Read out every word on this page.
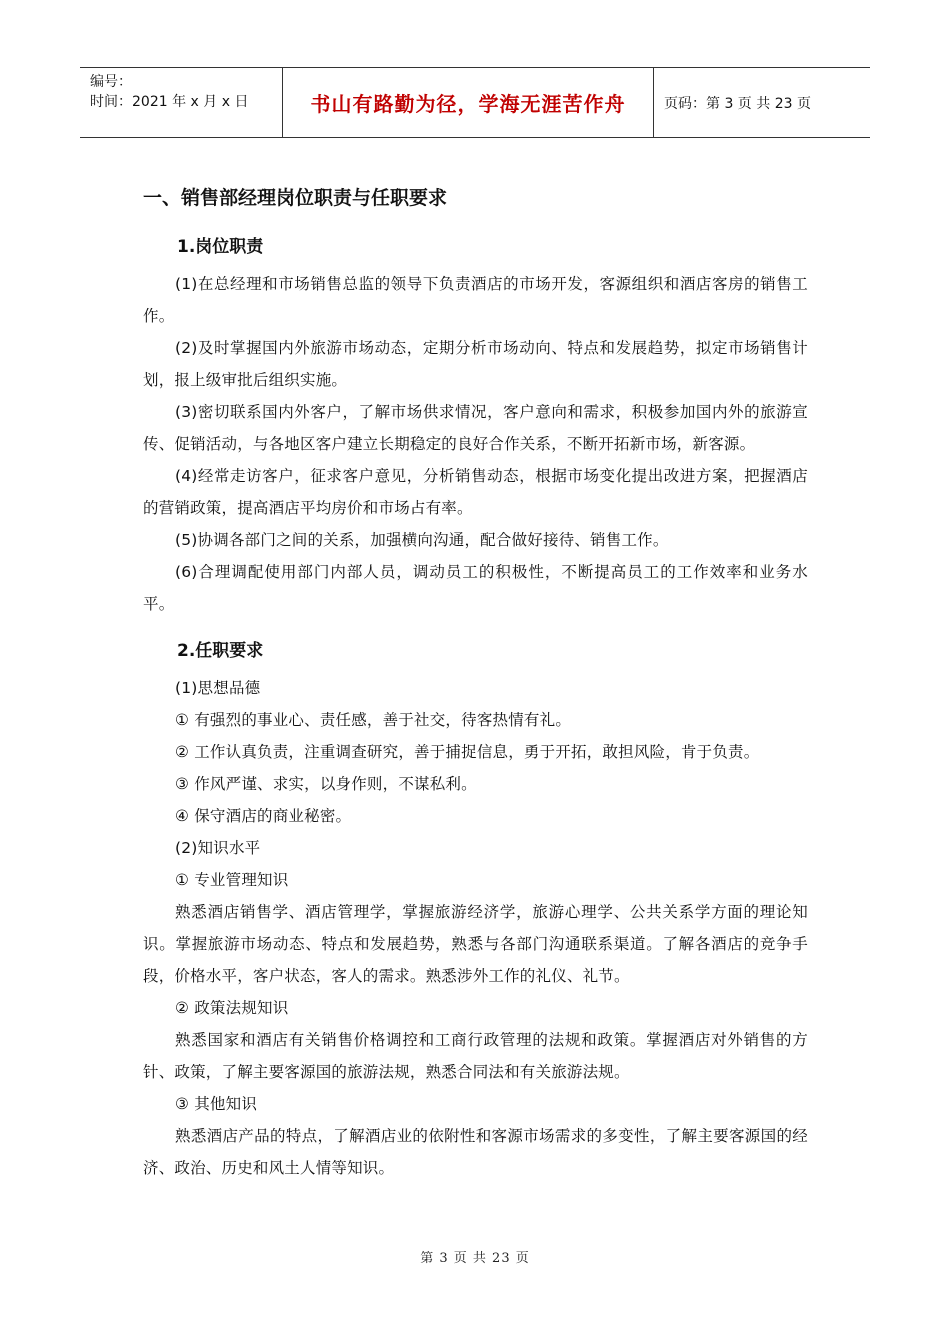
编号：
时间：2021 年 x 月 x 日	书山有路勤为径，学海无涯苦作舟	页码：第 3 页 共 23 页
一、销售部经理岗位职责与任职要求
1.岗位职责

(1)在总经理和市场销售总监的领导下负责酒店的市场开发，客源组织和酒店客房的销售工作。

(2)及时掌握国内外旅游市场动态，定期分析市场动向、特点和发展趋势，拟定市场销售计划，报上级审批后组织实施。

(3)密切联系国内外客户，了解市场供求情况，客户意向和需求，积极参加国内外的旅游宣传、促销活动，与各地区客户建立长期稳定的良好合作关系，不断开拓新市场，新客源。

(4)经常走访客户，征求客户意见，分析销售动态，根据市场变化提出改进方案，把握酒店的营销政策，提高酒店平均房价和市场占有率。

(5)协调各部门之间的关系，加强横向沟通，配合做好接待、销售工作。

(6)合理调配使用部门内部人员，调动员工的积极性，不断提高员工的工作效率和业务水平。

2.任职要求

(1)思想品德

① 有强烈的事业心、责任感，善于社交，待客热情有礼。

② 工作认真负责，注重调查研究，善于捕捉信息，勇于开拓，敢担风险，肯于负责。

③ 作风严谨、求实，以身作则，不谋私利。

④ 保守酒店的商业秘密。

(2)知识水平

① 专业管理知识

熟悉酒店销售学、酒店管理学，掌握旅游经济学，旅游心理学、公共关系学方面的理论知识。掌握旅游市场动态、特点和发展趋势，熟悉与各部门沟通联系渠道。了解各酒店的竞争手段，价格水平，客户状态，客人的需求。熟悉涉外工作的礼仪、礼节。

② 政策法规知识

熟悉国家和酒店有关销售价格调控和工商行政管理的法规和政策。掌握酒店对外销售的方针、政策，了解主要客源国的旅游法规，熟悉合同法和有关旅游法规。

③ 其他知识

熟悉酒店产品的特点，了解酒店业的依附性和客源市场需求的多变性，了解主要客源国的经济、政治、历史和风土人情等知识。

第 3 页 共 23 页
